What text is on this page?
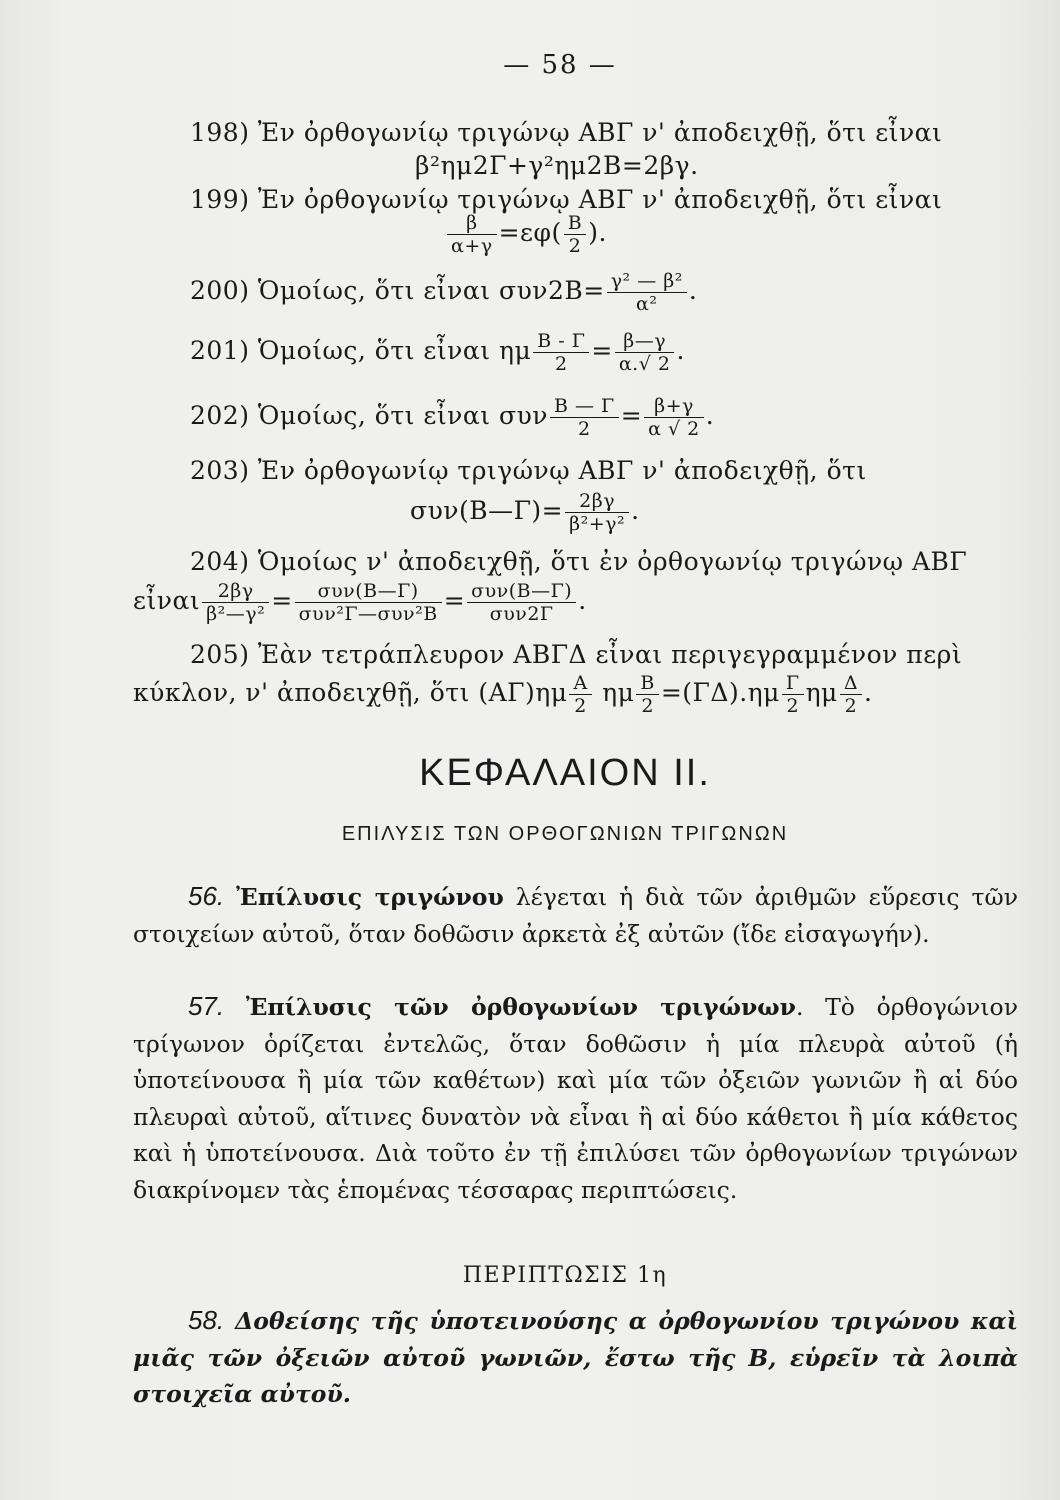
— 58 —
198) Ἐν ὀρθογωνίῳ τριγώνῳ ΑΒΓ ν' ἀποδειχθῇ, ὅτι εἶναι
β²ημ2Γ+γ²ημ2Β=2βγ.
199) Ἐν ὀρθογωνίῳ τριγώνῳ ΑΒΓ ν' ἀποδειχθῇ, ὅτι εἶναι
$\frac{\beta}{\alpha+\gamma} =\varepsilon\varphi( \frac{B}{2}$ ).
200) Ὁμοίως, ὅτι εἶναι $\sigma\upsilon\nu 2B= \frac{\text{γ² — β²}}{\text{α²}}$ .
201) Ὁμοίως, ὅτι εἶναι ημ $\frac{B - \Gamma}{2} = \frac{\beta—\gamma}{\alpha.√ 2}$ .
202) Ὁμοίως, ὅτι εἶναι συν $\frac{B — \Gamma}{2} = \frac{\beta+\gamma}{\alpha √ 2}$ .
203) Ἐν ὀρθογωνίῳ τριγώνῳ ΑΒΓ ν' ἀποδειχθῇ, ὅτι
συν(Β—Γ)= $\frac{2\beta\gamma}{\text{β²+γ²}}$ .
204) Ὁμοίως ν' ἀποδειχθῇ, ὅτι ἐν ὀρθογωνίῳ τριγώνῳ ΑΒΓ
εἶναι $\frac{2\beta\gamma}{\text{β²—γ²}} = \frac{\text{συν(Β—Γ)}}{\text{συν²Γ—συν²Β}} = \frac{\text{συν(Β—Γ)}}{\text{συν2Γ}}$ .
205) Ἐὰν τετράπλευρον ΑΒΓΔ εἶναι περιγεγραμμένον περὶ
κύκλον, ν' ἀποδειχθῇ, ὅτι $(A\Gamma)\eta\mu \frac{A}{2}$ ημ $\frac{B}{2} =(\Gamma\Delta).\eta\mu \frac{\Gamma}{2}$ ημ $\frac{\Delta}{2}$ .
ΚΕΦΑΛΑΙΟΝ ΙΙ.
ΕΠΙΛΥΣΙΣ ΤΩΝ ΟΡΘΟΓΩΝΙΩΝ ΤΡΙΓΩΝΩΝ
56. Ἐπίλυσις τριγώνου λέγεται ἡ διὰ τῶν ἀριθμῶν εὕρεσις τῶν στοιχείων αὐτοῦ, ὅταν δοθῶσιν ἀρκετὰ ἐξ αὐτῶν (ἴδε εἰσαγωγήν).
57. Ἐπίλυσις τῶν ὀρθογωνίων τριγώνων. Τὸ ὀρθογώνιον τρίγωνον ὁρίζεται ἐντελῶς, ὅταν δοθῶσιν ἡ μία πλευρὰ αὐτοῦ (ἡ ὑποτείνουσα ἢ μία τῶν καθέτων) καὶ μία τῶν ὀξειῶν γωνιῶν ἢ αἱ δύο πλευραὶ αὐτοῦ, αἵτινες δυνατὸν νὰ εἶναι ἢ αἱ δύο κάθετοι ἢ μία κάθετος καὶ ἡ ὑποτείνουσα. Διὰ τοῦτο ἐν τῇ ἐπιλύσει τῶν ὀρθογωνίων τριγώνων διακρίνομεν τὰς ἑπομένας τέσσαρας περιπτώσεις.
ΠΕΡΙΠΤΩΣΙΣ 1η
58. Δοθείσης τῆς ὑποτεινούσης α ὀρθογωνίου τριγώνου καὶ μιᾶς τῶν ὀξειῶν αὐτοῦ γωνιῶν, ἔστω τῆς Β, εὑρεῖν τὰ λοιπὰ στοιχεῖα αὐτοῦ.
